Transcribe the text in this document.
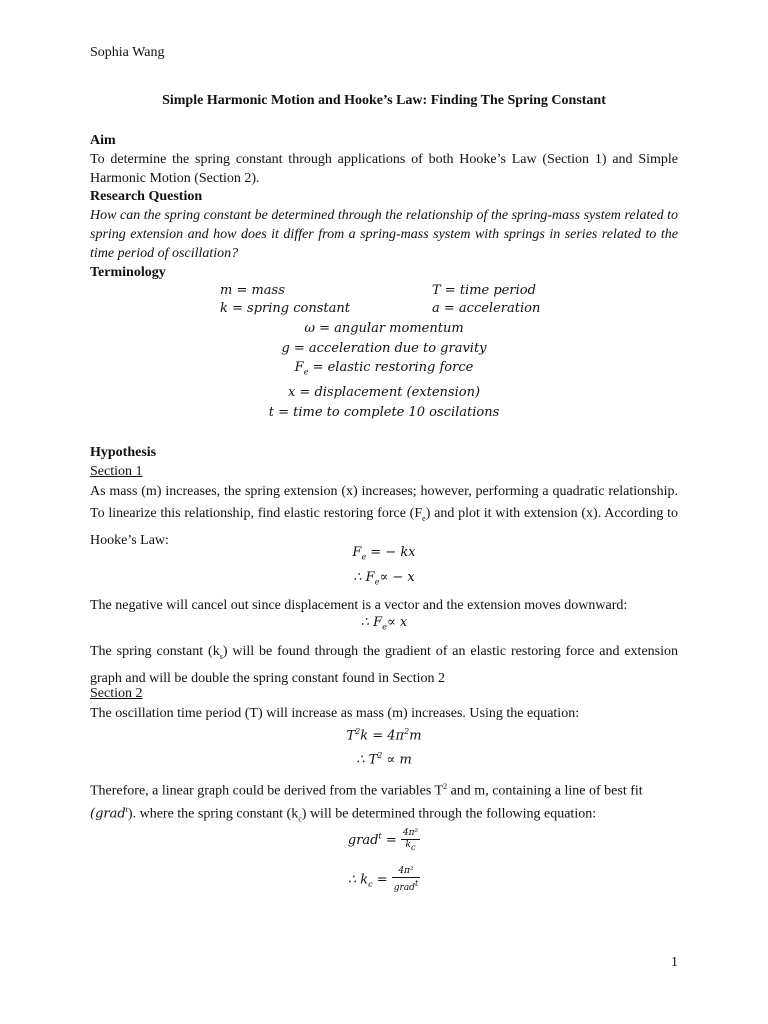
Sophia Wang
Simple Harmonic Motion and Hooke’s Law: Finding The Spring Constant
Aim
To determine the spring constant through applications of both Hooke’s Law (Section 1) and Simple Harmonic Motion (Section 2).
Research Question
How can the spring constant be determined through the relationship of the spring-mass system related to spring extension and how does it differ from a spring-mass system with springs in series related to the time period of oscillation?
Terminology
m = mass	T = time period
k = spring constant	a = acceleration
ω = angular momentum
g = acceleration due to gravity
$F_e$ = elastic restoring force
x = displacement (extension)
t = time to complete 10 oscilations
Hypothesis
Section 1
As mass (m) increases, the spring extension (x) increases; however, performing a quadratic relationship. To linearize this relationship, find elastic restoring force $(F_e)$ and plot it with extension (x). According to Hooke’s Law:
$F_e$ = − kx
∴ $F_e\propto - x$
The negative will cancel out since displacement is a vector and the extension moves downward:
∴ $F_e\propto x$
The spring constant $(k_s)$ will be found through the gradient of an elastic restoring force and extension graph and will be double the spring constant found in Section 2
Section 2
The oscillation time period (T) will increase as mass (m) increases. Using the equation:
$T^2k = 4\pi^2m$
∴ $T^2 \propto m$
Therefore, a linear graph could be derived from the variables $T^2$ and m, containing a line of best fit
(grad$^t$). where the spring constant $(k_c)$ will be determined through the following equation:
grad$^t$ = $\frac{\text{4π²}}{k_c}$
∴ $k_c = \frac{\text{4π²}}{grad^t}$
1
